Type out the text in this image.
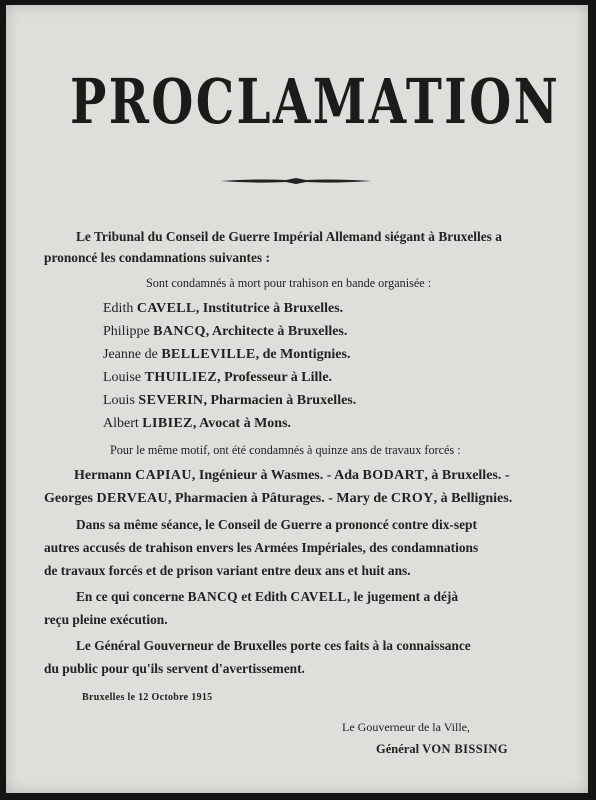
PROCLAMATION
Le Tribunal du Conseil de Guerre Impérial Allemand siégant à Bruxelles a
prononcé les condamnations suivantes :
Sont condamnés à mort pour trahison en bande organisée :
Edith CAVELL, Institutrice à Bruxelles.
Philippe BANCQ, Architecte à Bruxelles.
Jeanne de BELLEVILLE, de Montignies.
Louise THUILIEZ, Professeur à Lille.
Louis SEVERIN, Pharmacien à Bruxelles.
Albert LIBIEZ, Avocat à Mons.
Pour le même motif, ont été condamnés à quinze ans de travaux forcés :
Hermann CAPIAU, Ingénieur à Wasmes. - Ada BODART, à Bruxelles. -
Georges DERVEAU, Pharmacien à Pâturages. - Mary de CROY, à Bellignies.
Dans sa même séance, le Conseil de Guerre a prononcé contre dix-sept
autres accusés de trahison envers les Armées Impériales, des condamnations
de travaux forcés et de prison variant entre deux ans et huit ans.
En ce qui concerne BANCQ et Edith CAVELL, le jugement a déjà
reçu pleine exécution.
Le Général Gouverneur de Bruxelles porte ces faits à la connaissance
du public pour qu'ils servent d'avertissement.
Bruxelles le 12 Octobre 1915
Le Gouverneur de la Ville,
Général VON BISSING
